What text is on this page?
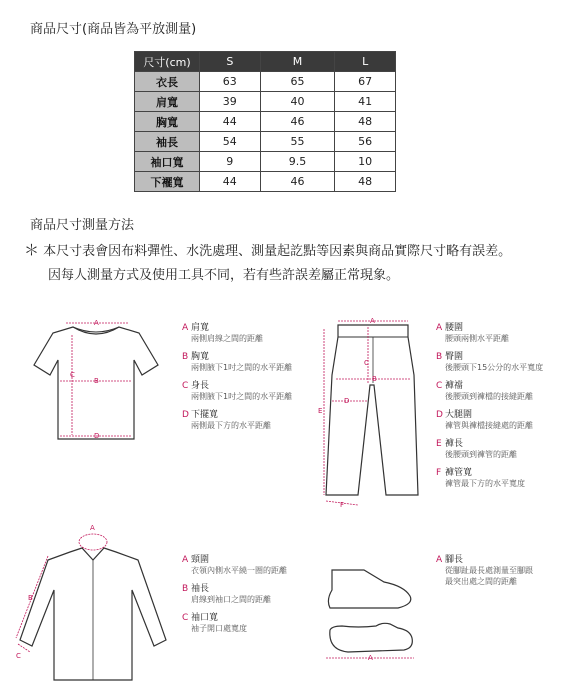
商品尺寸(商品皆為平放測量)
尺寸(cm)	S	M	L
衣長	63	65	67
肩寬	39	40	41
胸寬	44	46	48
袖長	54	55	56
袖口寬	9	9.5	10
下襬寬	44	46	48
商品尺寸測量方法
＊ 本尺寸表會因布料彈性、水洗處理、測量起訖點等因素與商品實際尺寸略有誤差。
因每人測量方式及使用工具不同，若有些許誤差屬正常現象。
A
B
C
D
A 肩寬
兩側肩線之間的距離
B 胸寬
兩側腋下1吋之間的水平距離
C 身長
兩側腋下1吋之間的水平距離
D 下擺寬
兩側最下方的水平距離
A
B
C
D
E
F
A 腰圍
腰頭兩側水平距離
B 臀圍
後腰頭下15公分的水平寬度
C 褲襠
後腰頭到褲檔的接縫距離
D 大腿圍
褲管與褲檔接縫處的距離
E 褲長
後腰頭到褲管的距離
F 褲管寬
褲管最下方的水平寬度
A
B
C
A 頸圍
衣領內側水平繞一圈的距離
B 袖長
肩線到袖口之間的距離
C 袖口寬
袖子開口處寬度
A
A 腳長
從腳趾最長處測量至腳跟
最突出處之間的距離
